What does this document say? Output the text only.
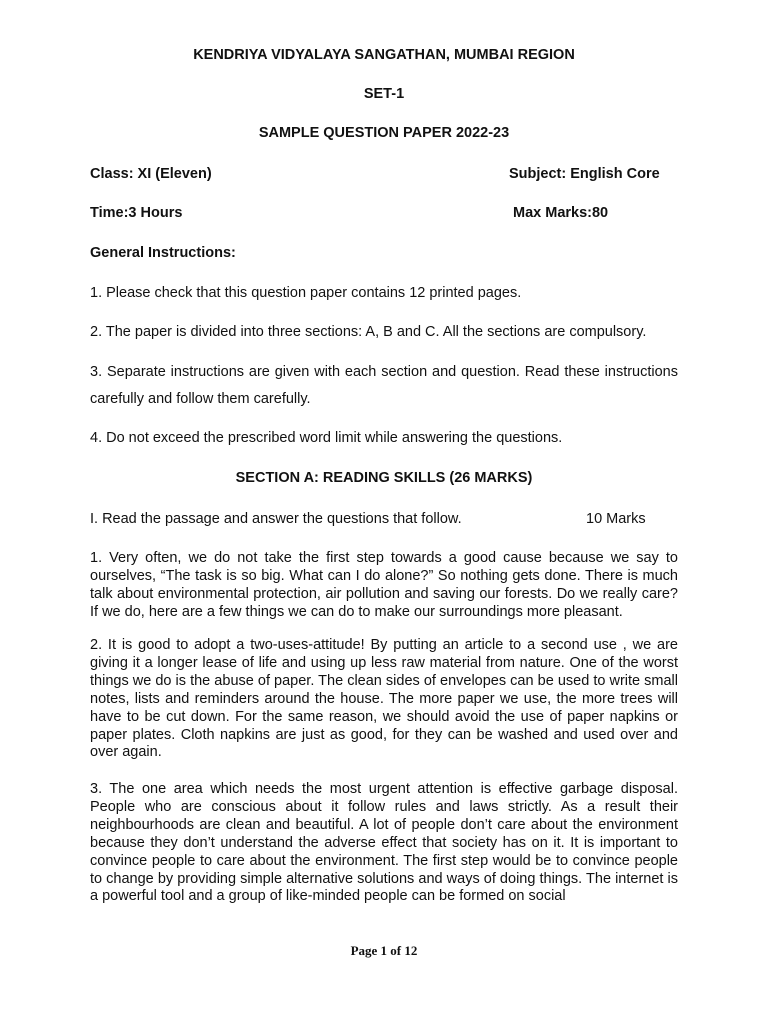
KENDRIYA VIDYALAYA SANGATHAN, MUMBAI REGION
SET-1
SAMPLE QUESTION PAPER 2022-23
Class: XI (Eleven)	Subject: English Core
Time:3 Hours	Max Marks:80
General Instructions:
1. Please check that this question paper contains 12 printed pages.
2. The paper is divided into three sections: A, B and C. All the sections are compulsory.
3. Separate instructions are given with each section and question. Read these instructions carefully and follow them carefully.
4. Do not exceed the prescribed word limit while answering the questions.
SECTION A: READING SKILLS (26 MARKS)
I. Read the passage and answer the questions that follow.	10 Marks
1. Very often, we do not take the first step towards a good cause because we say to ourselves, “The task is so big. What can I do alone?” So nothing gets done. There is much talk about environmental protection, air pollution and saving our forests. Do we really care? If we do, here are a few things we can do to make our surroundings more pleasant.
2. It is good to adopt a two-uses-attitude! By putting an article to a second use , we are giving it a longer lease of life and using up less raw material from nature. One of the worst things we do is the abuse of paper. The clean sides of envelopes can be used to write small notes, lists and reminders around the house. The more paper we use, the more trees will have to be cut down. For the same reason, we should avoid the use of paper napkins or paper plates. Cloth napkins are just as good, for they can be washed and used over and over again.
3. The one area which needs the most urgent attention is effective garbage disposal. People who are conscious about it follow rules and laws strictly. As a result their neighbourhoods are clean and beautiful. A lot of people don’t care about the environment because they don’t understand the adverse effect that society has on it. It is important to convince people to care about the environment. The first step would be to convince people to change by providing simple alternative solutions and ways of doing things. The internet is a powerful tool and a group of like-minded people can be formed on social
Page 1 of 12
